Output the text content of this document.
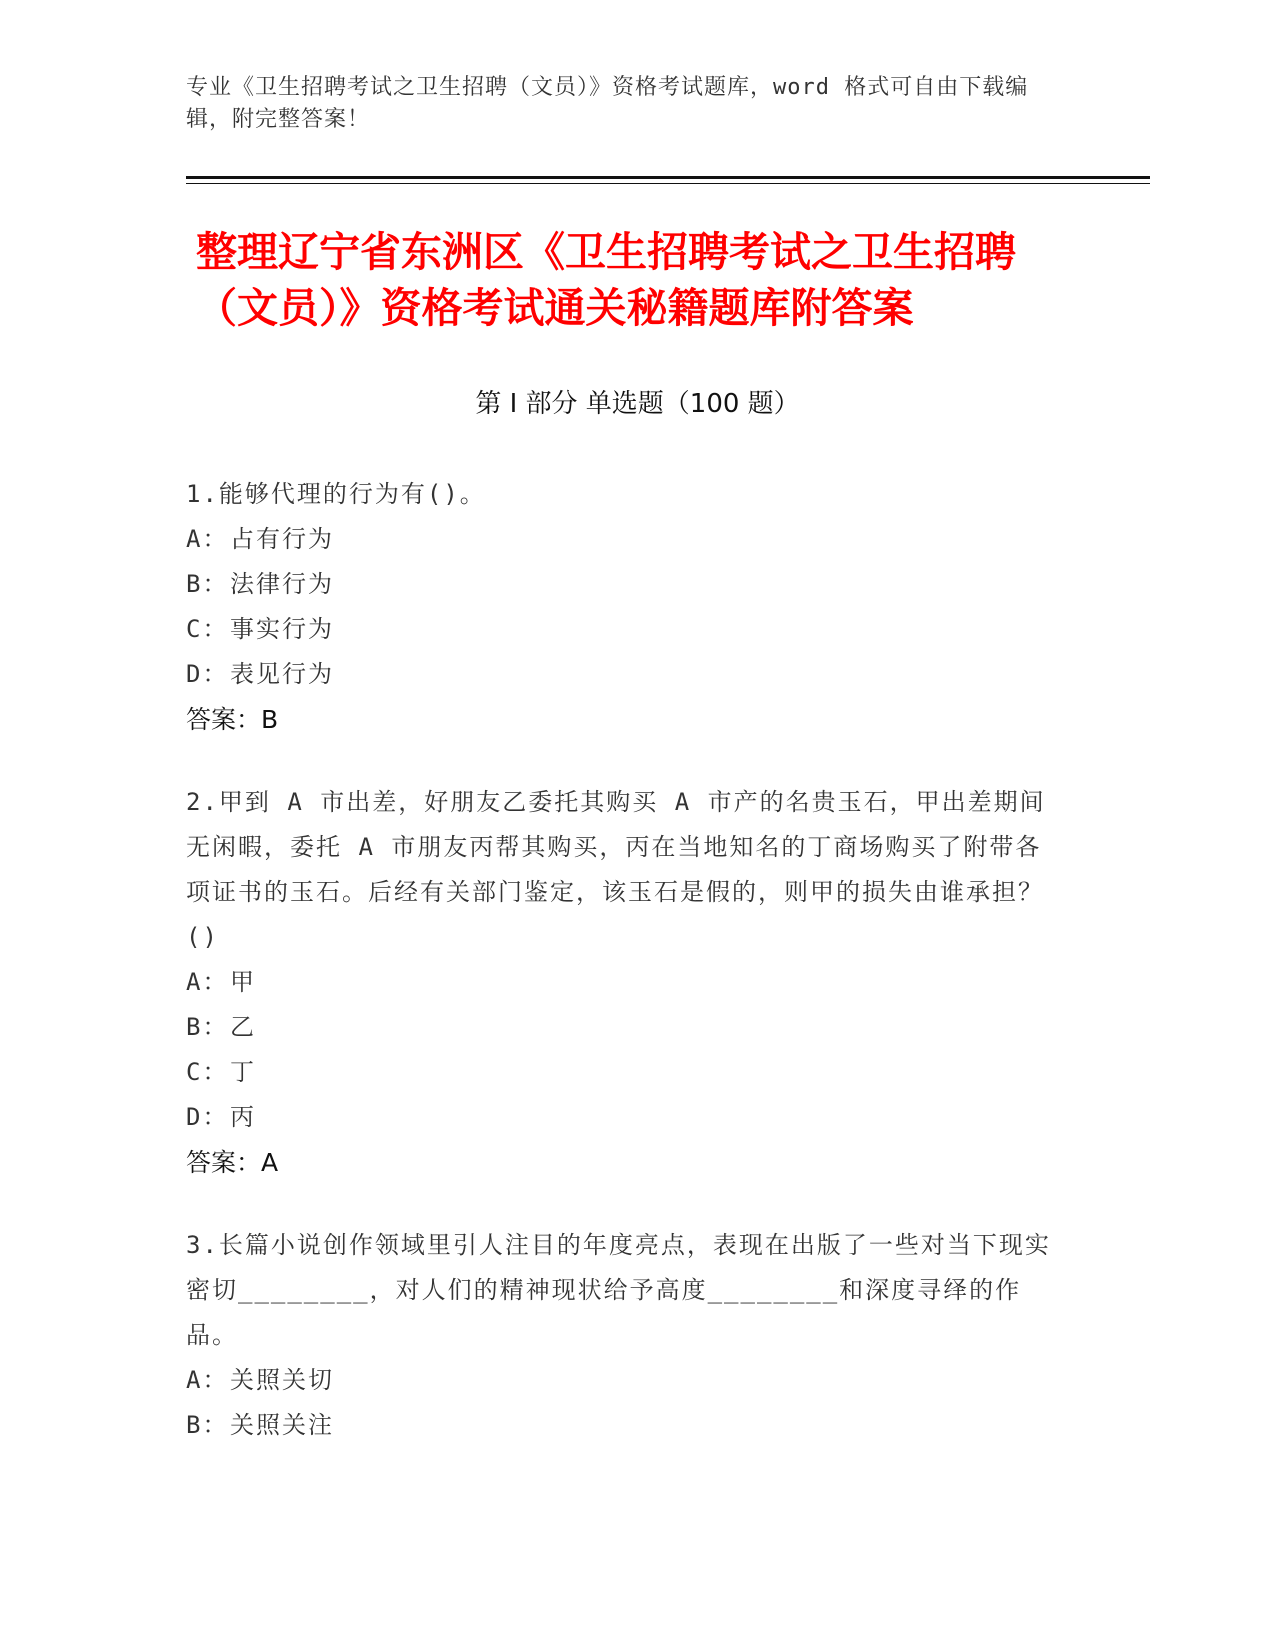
专业《卫生招聘考试之卫生招聘（文员）》资格考试题库，word 格式可自由下载编辑，附完整答案！
整理辽宁省东洲区《卫生招聘考试之卫生招聘（文员）》资格考试通关秘籍题库附答案
第 I 部分 单选题（100 题）
1.能够代理的行为有()。
A： 占有行为
B： 法律行为
C： 事实行为
D： 表见行为
答案：B
2.甲到 A 市出差，好朋友乙委托其购买 A 市产的名贵玉石，甲出差期间无闲暇，委托 A 市朋友丙帮其购买，丙在当地知名的丁商场购买了附带各项证书的玉石。后经有关部门鉴定，该玉石是假的，则甲的损失由谁承担？()
A： 甲
B： 乙
C： 丁
D： 丙
答案：A
3.长篇小说创作领域里引人注目的年度亮点，表现在出版了一些对当下现实密切________，对人们的精神现状给予高度________和深度寻绎的作品。
A： 关照关切
B： 关照关注
